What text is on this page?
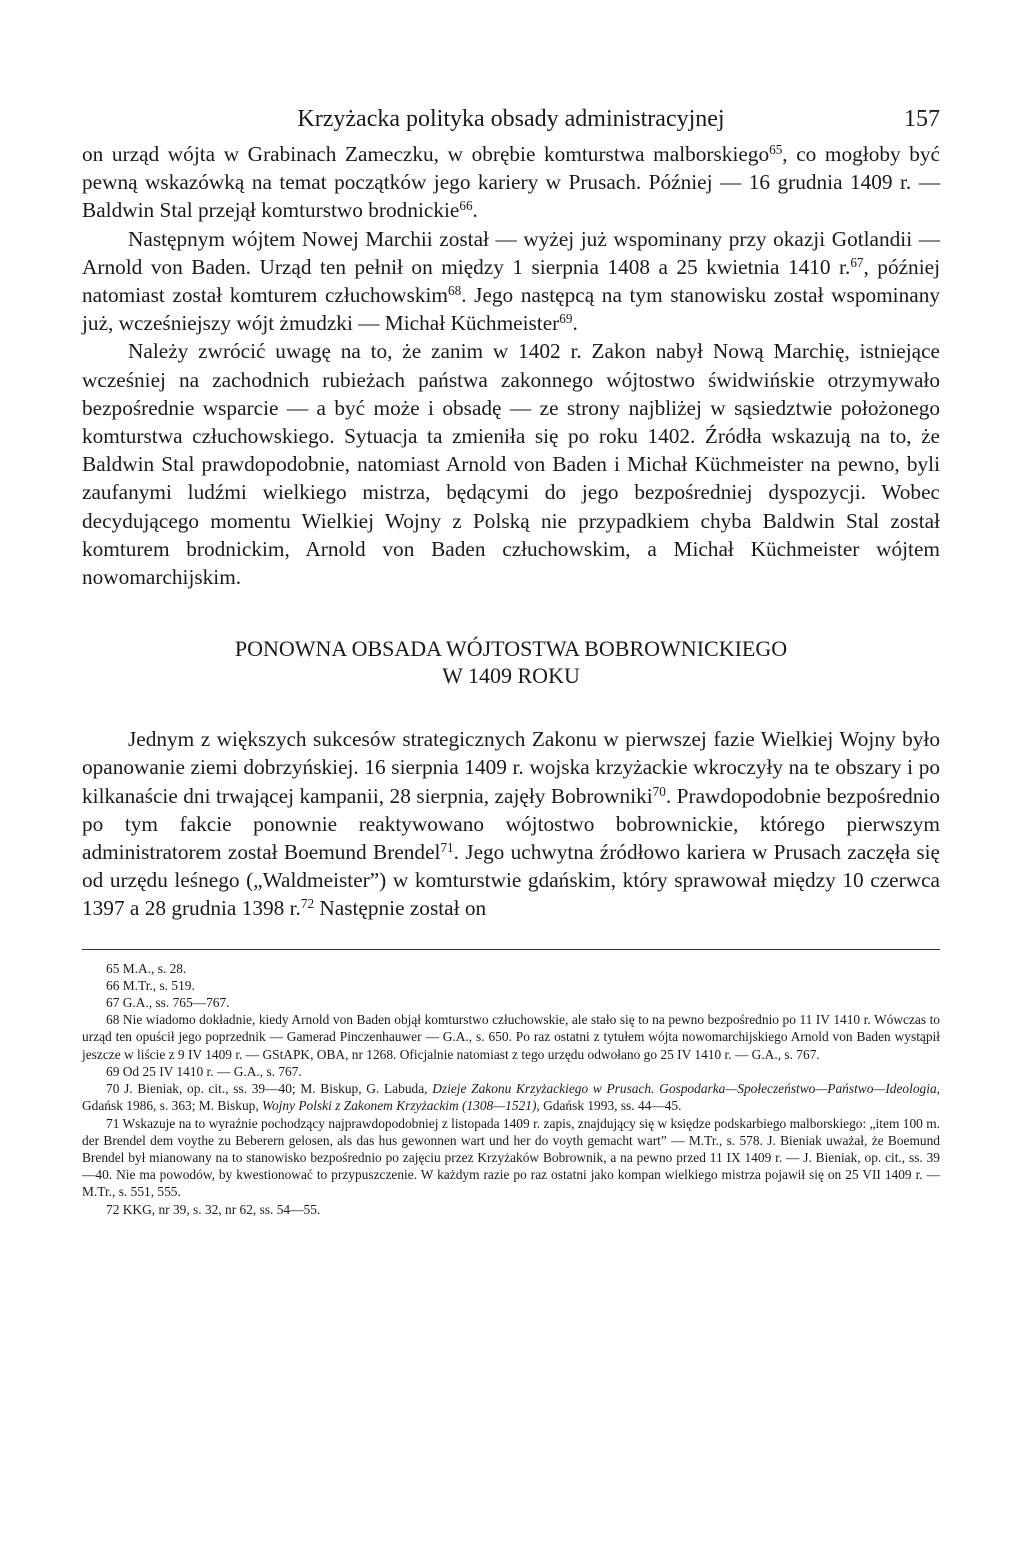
Krzyżacka polityka obsady administracyjnej	157

on urząd wójta w Grabinach Zameczku, w obrębie komturstwa malborskiego$^{65}$, co mogłoby być pewną wskazówką na temat początków jego kariery w Prusach. Później — 16 grudnia 1409 r. — Baldwin Stal przejął komturstwo brodnickie$^{66}$.

Następnym wójtem Nowej Marchii został — wyżej już wspominany przy okazji Gotlandii — Arnold von Baden. Urząd ten pełnił on między 1 sierpnia 1408 a 25 kwietnia 1410 r.$^{67}$, później natomiast został komturem człuchowskim$^{68}$. Jego następcą na tym stanowisku został wspominany już, wcześniejszy wójt żmudzki — Michał Küchmeister$^{69}$.

Należy zwrócić uwagę na to, że zanim w 1402 r. Zakon nabył Nową Marchię, istniejące wcześniej na zachodnich rubieżach państwa zakonnego wójtostwo świdwińskie otrzymywało bezpośrednie wsparcie — a być może i obsadę — ze strony najbliżej w sąsiedztwie położonego komturstwa człuchowskiego. Sytuacja ta zmieniła się po roku 1402. Źródła wskazują na to, że Baldwin Stal prawdopodobnie, natomiast Arnold von Baden i Michał Küchmeister na pewno, byli zaufanymi ludźmi wielkiego mistrza, będącymi do jego bezpośredniej dyspozycji. Wobec decydującego momentu Wielkiej Wojny z Polską nie przypadkiem chyba Baldwin Stal został komturem brodnickim, Arnold von Baden człuchowskim, a Michał Küchmeister wójtem nowomarchijskim.

PONOWNA OBSADA WÓJTOSTWA BOBROWNICKIEGO
W 1409 ROKU

Jednym z większych sukcesów strategicznych Zakonu w pierwszej fazie Wielkiej Wojny było opanowanie ziemi dobrzyńskiej. 16 sierpnia 1409 r. wojska krzyżackie wkroczyły na te obszary i po kilkanaście dni trwającej kampanii, 28 sierpnia, zajęły Bobrowniki$^{70}$. Prawdopodobnie bezpośrednio po tym fakcie ponownie reaktywowano wójtostwo bobrownickie, którego pierwszym administratorem został Boemund Brendel$^{71}$. Jego uchwytna źródłowo kariera w Prusach zaczęła się od urzędu leśnego („Waldmeister”) w komturstwie gdańskim, który sprawował między 10 czerwca 1397 a 28 grudnia 1398 r.$^{72}$ Następnie został on

65 M.A., s. 28.

66 M.Tr., s. 519.

67 G.A., ss. 765—767.

68 Nie wiadomo dokładnie, kiedy Arnold von Baden objął komturstwo człuchowskie, ale stało się to na pewno bezpośrednio po 11 IV 1410 r. Wówczas to urząd ten opuścił jego poprzednik — Gamerad Pinczenhauwer — G.A., s. 650. Po raz ostatni z tytułem wójta nowomarchijskiego Arnold von Baden wystąpił jeszcze w liście z 9 IV 1409 r. — GStAPK, OBA, nr 1268. Oficjalnie natomiast z tego urzędu odwołano go 25 IV 1410 r. — G.A., s. 767.

69 Od 25 IV 1410 r. — G.A., s. 767.

70 J. Bieniak, op. cit., ss. 39—40; M. Biskup, G. Labuda, Dzieje Zakonu Krzyżackiego w Prusach. Gospodarka—Społeczeństwo—Państwo—Ideologia, Gdańsk 1986, s. 363; M. Biskup, Wojny Polski z Zakonem Krzyżackim (1308—1521), Gdańsk 1993, ss. 44—45.

71 Wskazuje na to wyraźnie pochodzący najprawdopodobniej z listopada 1409 r. zapis, znajdujący się w księdze podskarbiego malborskiego: „item 100 m. der Brendel dem voythe zu Beberern gelosen, als das hus gewonnen wart und her do voyth gemacht wart” — M.Tr., s. 578. J. Bieniak uważał, że Boemund Brendel był mianowany na to stanowisko bezpośrednio po zajęciu przez Krzyżaków Bobrownik, a na pewno przed 11 IX 1409 r. — J. Bieniak, op. cit., ss. 39—40. Nie ma powodów, by kwestionować to przypuszczenie. W każdym razie po raz ostatni jako kompan wielkiego mistrza pojawił się on 25 VII 1409 r. — M.Tr., s. 551, 555.

72 KKG, nr 39, s. 32, nr 62, ss. 54—55.
